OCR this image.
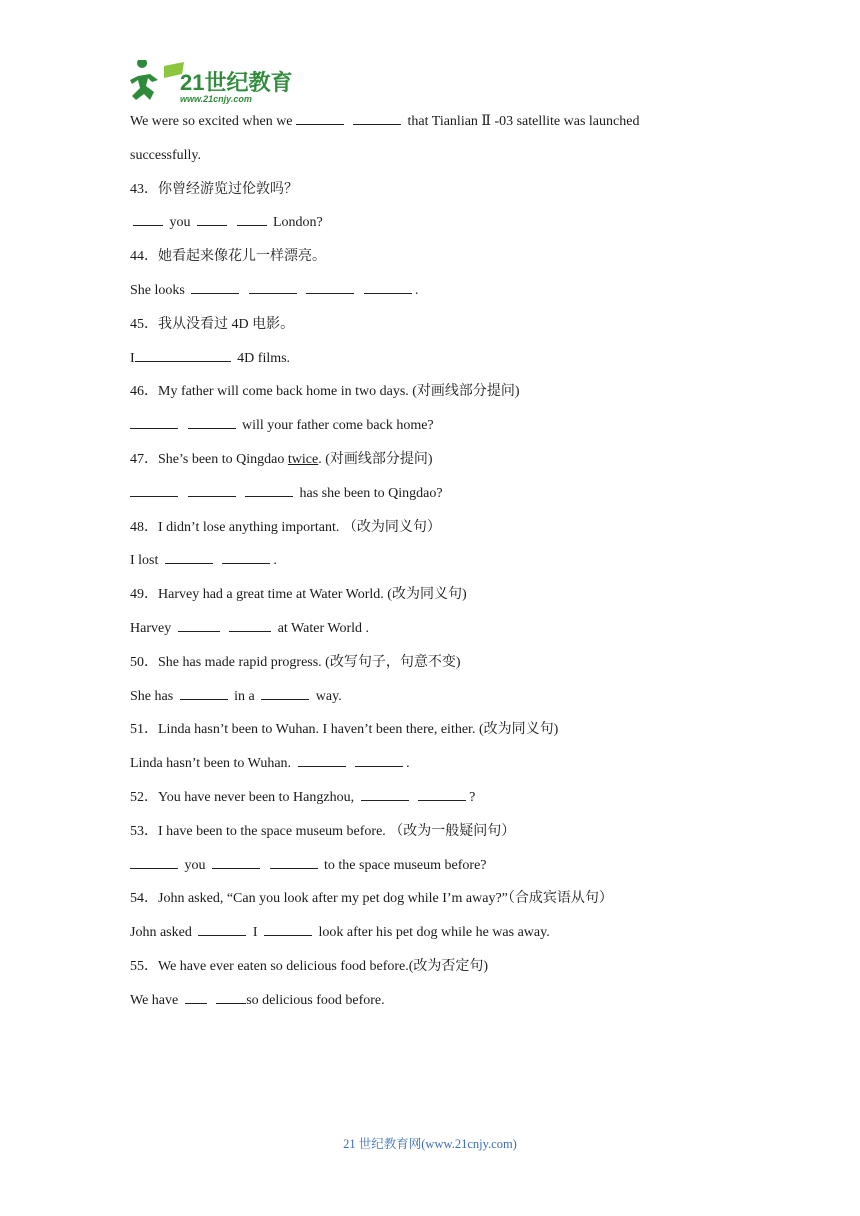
21世纪教育
www.21cnjy.com
We were so excited when we	that Tianlian Ⅱ -03 satellite was launched
successfully.
43．你曾经游览过伦敦吗？
you	London?
44．她看起来像花儿一样漂亮。
She looks	.
45．我从没看过 4D 电影。
I	4D films.
46．My father will come back home in two days. (对画线部分提问)
will your father come back home?
47．She’s been to Qingdao twice. (对画线部分提问)
has she been to Qingdao?
48．I didn’t lose anything important. （改为同义句）
I lost	.
49．Harvey had a great time at Water World. (改为同义句)
Harvey	at Water World .
50．She has made rapid progress. (改写句子，句意不变)
She has	in a	way.
51．Linda hasn’t been to Wuhan. I haven’t been there, either. (改为同义句)
Linda hasn’t been to Wuhan.	.
52．You have never been to Hangzhou,	?
53．I have been to the space museum before. （改为一般疑问句）
you	to the space museum before?
54．John asked, “Can you look after my pet dog while I’m away?”（合成宾语从句）
John asked	I	look after his pet dog while he was away.
55．We have ever eaten so delicious food before.(改为否定句)
We have	so delicious food before.
21 世纪教育网(www.21cnjy.com)
